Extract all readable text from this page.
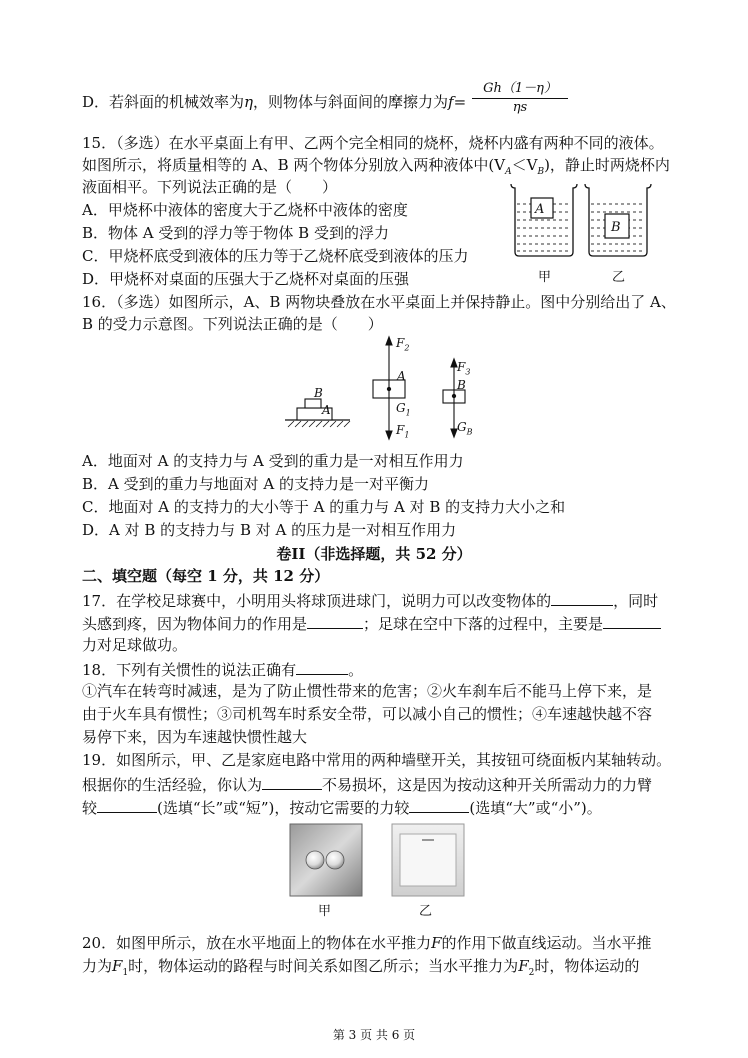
D．若斜面的机械效率为η，则物体与斜面间的摩擦力为f=
Gh（1－η）
ηs
15．（多选）在水平桌面上有甲、乙两个完全相同的烧杯，烧杯内盛有两种不同的液体。
如图所示，将质量相等的 A、B 两个物体分别放入两种液体中$(V_A<V_B)$，静止时两烧杯内
液面相平。下列说法正确的是（　　）
A．甲烧杯中液体的密度大于乙烧杯中液体的密度
B．物体 A 受到的浮力等于物体 B 受到的浮力
C．甲烧杯底受到液体的压力等于乙烧杯底受到液体的压力
D．甲烧杯对桌面的压强大于乙烧杯对桌面的压强
A
B
甲	乙
16．（多选）如图所示，A、B 两物块叠放在水平桌面上并保持静止。图中分别给出了 A、
B 的受力示意图。下列说法正确的是（　　）
B
A
$F_2$
A
$G_1$
$F_1$
$F_3$
B
$G_B$
A．地面对 A 的支持力与 A 受到的重力是一对相互作用力
B．A 受到的重力与地面对 A 的支持力是一对平衡力
C．地面对 A 的支持力的大小等于 A 的重力与 A 对 B 的支持力大小之和
D．A 对 B 的支持力与 B 对 A 的压力是一对相互作用力
卷II（非选择题，共 52 分）
二、填空题（每空 1 分，共 12 分）
17．在学校足球赛中，小明用头将球顶进球门，说明力可以改变物体的	，同时
头感到疼，因为物体间力的作用是	；足球在空中下落的过程中，主要是
力对足球做功。
18．下列有关惯性的说法正确有	。
①汽车在转弯时减速，是为了防止惯性带来的危害；②火车刹车后不能马上停下来，是
由于火车具有惯性；③司机驾车时系安全带，可以减小自己的惯性；④车速越快越不容
易停下来，因为车速越快惯性越大
19．如图所示，甲、乙是家庭电路中常用的两种墙壁开关，其按钮可绕面板内某轴转动。
根据你的生活经验，你认为	不易损坏，这是因为按动这种开关所需动力的力臂
较	(选填“长”或“短”)，按动它需要的力较	(选填“大”或“小”)。
甲	乙
20．如图甲所示，放在水平地面上的物体在水平推力F的作用下做直线运动。当水平推
力为$F_1$时，物体运动的路程与时间关系如图乙所示；当水平推力为$F_2$时，物体运动的
第 3 页 共 6 页
